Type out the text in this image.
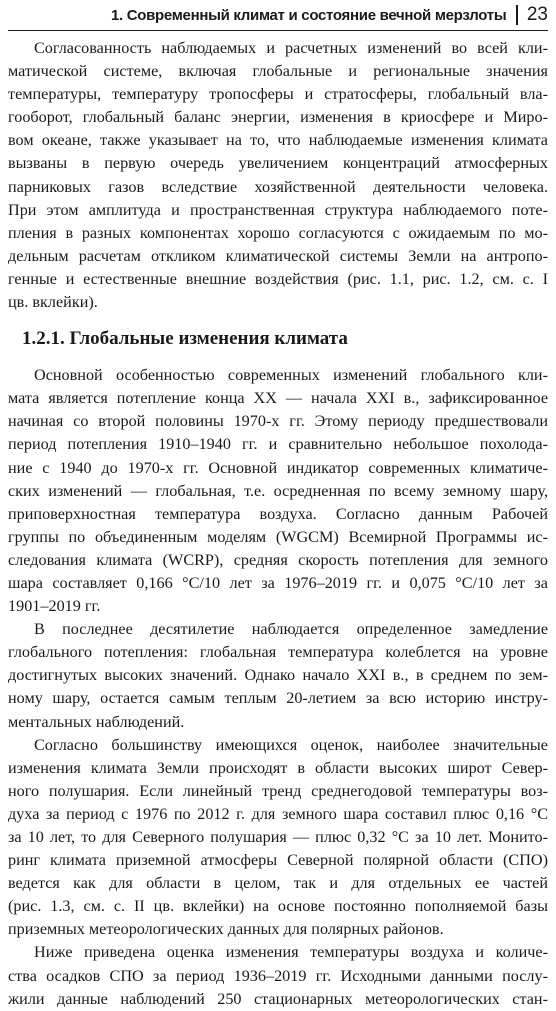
1. Современный климат и состояние вечной мерзлоты 23
Согласованность наблюдаемых и расчетных изменений во всей кли-
матической системе, включая глобальные и региональные значения
температуры, температуру тропосферы и стратосферы, глобальный вла-
гооборот, глобальный баланс энергии, изменения в криосфере и Миро-
вом океане, также указывает на то, что наблюдаемые изменения климата
вызваны в первую очередь увеличением концентраций атмосферных
парниковых газов вследствие хозяйственной деятельности человека.
При этом амплитуда и пространственная структура наблюдаемого поте-
пления в разных компонентах хорошо согласуются с ожидаемым по мо-
дельным расчетам откликом климатической системы Земли на антропо-
генные и естественные внешние воздействия (рис. 1.1, рис. 1.2, см. с. I
цв. вклейки).
1.2.1. Глобальные изменения климата
Основной особенностью современных изменений глобального кли-
мата является потепление конца XX — начала XXI в., зафиксированное
начиная со второй половины 1970-х гг. Этому периоду предшествовали
период потепления 1910–1940 гг. и сравнительно небольшое похолода-
ние с 1940 до 1970-х гг. Основной индикатор современных климатиче-
ских изменений — глобальная, т.е. осредненная по всему земному шару,
приповерхностная температура воздуха. Согласно данным Рабочей
группы по объединенным моделям (WGCM) Всемирной Программы ис-
следования климата (WCRP), средняя скорость потепления для земного
шара составляет 0,166 °С/10 лет за 1976–2019 гг. и 0,075 °С/10 лет за
1901–2019 гг.
В последнее десятилетие наблюдается определенное замедление
глобального потепления: глобальная температура колеблется на уровне
достигнутых высоких значений. Однако начало XXI в., в среднем по зем-
ному шару, остается самым теплым 20-летием за всю историю инстру-
ментальных наблюдений.
Согласно большинству имеющихся оценок, наиболее значительные
изменения климата Земли происходят в области высоких широт Север-
ного полушария. Если линейный тренд среднегодовой температуры воз-
духа за период с 1976 по 2012 г. для земного шара составил плюс 0,16 °С
за 10 лет, то для Северного полушария — плюс 0,32 °С за 10 лет. Монито-
ринг климата приземной атмосферы Северной полярной области (СПО)
ведется как для области в целом, так и для отдельных ее частей
(рис. 1.3, см. с. II цв. вклейки) на основе постоянно пополняемой базы
приземных метеорологических данных для полярных районов.
Ниже приведена оценка изменения температуры воздуха и количе-
ства осадков СПО за период 1936–2019 гг. Исходными данными послу-
жили данные наблюдений 250 стационарных метеорологических стан-
